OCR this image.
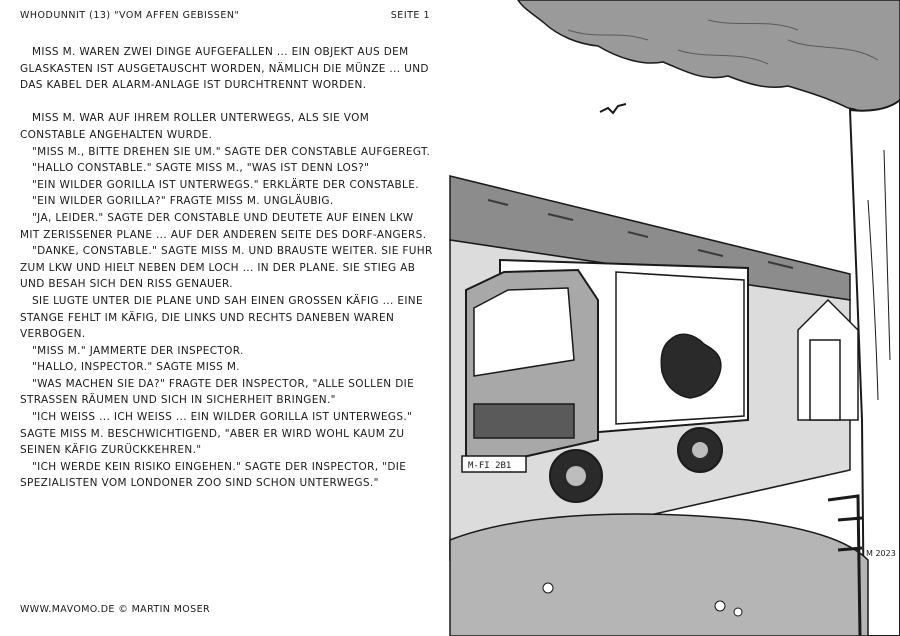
WHODUNNIT (13) "VOM AFFEN GEBISSEN"	SEITE 1

MISS M. WAREN ZWEI DINGE AUFGEFALLEN ... EIN OBJEKT AUS DEM GLASKASTEN IST AUSGETAUSCHT WORDEN, NÄMLICH DIE MÜNZE ... UND DAS KABEL DER ALARM-ANLAGE IST DURCHTRENNT WORDEN.

MISS M. WAR AUF IHREM ROLLER UNTERWEGS, ALS SIE VOM CONSTABLE ANGEHALTEN WURDE.

"MISS M., BITTE DREHEN SIE UM." SAGTE DER CONSTABLE AUFGEREGT.

"HALLO CONSTABLE." SAGTE MISS M., "WAS IST DENN LOS?"

"EIN WILDER GORILLA IST UNTERWEGS." ERKLÄRTE DER CONSTABLE.

"EIN WILDER GORILLA?" FRAGTE MISS M. UNGLÄUBIG.

"JA, LEIDER." SAGTE DER CONSTABLE UND DEUTETE AUF EINEN LKW MIT ZERISSENER PLANE ... AUF DER ANDEREN SEITE DES DORF-ANGERS.

"DANKE, CONSTABLE." SAGTE MISS M. UND BRAUSTE WEITER. SIE FUHR ZUM LKW UND HIELT NEBEN DEM LOCH ... IN DER PLANE. SIE STIEG AB UND BESAH SICH DEN RISS GENAUER.

SIE LUGTE UNTER DIE PLANE UND SAH EINEN GROSSEN KÄFIG ... EINE STANGE FEHLT IM KÄFIG, DIE LINKS UND RECHTS DANEBEN WAREN VERBOGEN.

"MISS M." JAMMERTE DER INSPECTOR.

"HALLO, INSPECTOR." SAGTE MISS M.

"WAS MACHEN SIE DA?" FRAGTE DER INSPECTOR, "ALLE SOLLEN DIE STRASSEN RÄUMEN UND SICH IN SICHERHEIT BRINGEN."

"ICH WEISS ... ICH WEISS ... EIN WILDER GORILLA IST UNTERWEGS." SAGTE MISS M. BESCHWICHTIGEND, "ABER ER WIRD WOHL KAUM ZU SEINEN KÄFIG ZURÜCKKEHREN."

"ICH WERDE KEIN RISIKO EINGEHEN." SAGTE DER INSPECTOR, "DIE SPEZIALISTEN VOM LONDONER ZOO SIND SCHON UNTERWEGS."

WWW.MAVOMO.DE © MARTIN MOSER
M-FI 2B1
M 2023
